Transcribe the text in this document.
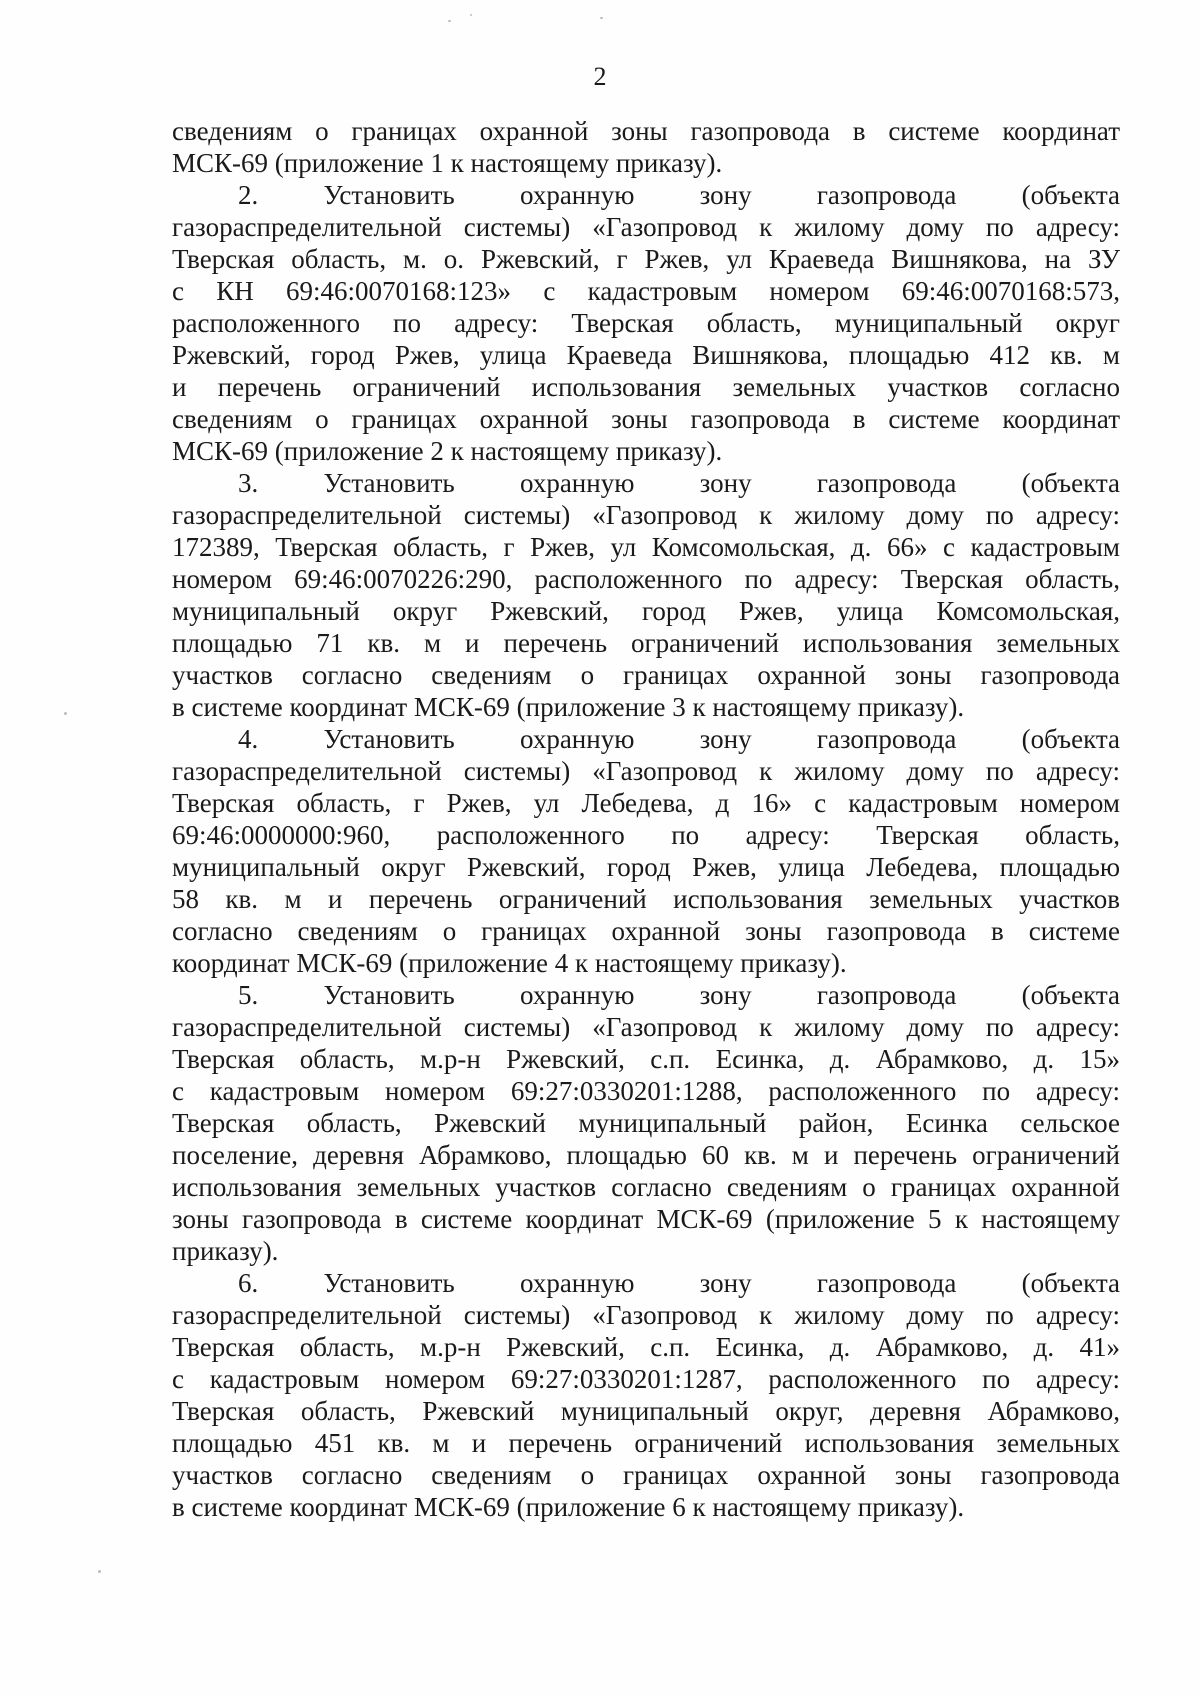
2
сведениям о границах охранной зоны газопровода в системе координат
МСК-69 (приложение 1 к настоящему приказу).
2. Установить охранную зону газопровода (объекта
газораспределительной системы) «Газопровод к жилому дому по адресу:
Тверская область, м. о. Ржевский, г Ржев, ул Краеведа Вишнякова, на ЗУ
с КН 69:46:0070168:123» с кадастровым номером 69:46:0070168:573,
расположенного по адресу: Тверская область, муниципальный округ
Ржевский, город Ржев, улица Краеведа Вишнякова, площадью 412 кв. м
и перечень ограничений использования земельных участков согласно
сведениям о границах охранной зоны газопровода в системе координат
МСК-69 (приложение 2 к настоящему приказу).
3. Установить охранную зону газопровода (объекта
газораспределительной системы) «Газопровод к жилому дому по адресу:
172389, Тверская область, г Ржев, ул Комсомольская, д. 66» с кадастровым
номером 69:46:0070226:290, расположенного по адресу: Тверская область,
муниципальный округ Ржевский, город Ржев, улица Комсомольская,
площадью 71 кв. м и перечень ограничений использования земельных
участков согласно сведениям о границах охранной зоны газопровода
в системе координат МСК-69 (приложение 3 к настоящему приказу).
4. Установить охранную зону газопровода (объекта
газораспределительной системы) «Газопровод к жилому дому по адресу:
Тверская область, г Ржев, ул Лебедева, д 16» с кадастровым номером
69:46:0000000:960, расположенного по адресу: Тверская область,
муниципальный округ Ржевский, город Ржев, улица Лебедева, площадью
58 кв. м и перечень ограничений использования земельных участков
согласно сведениям о границах охранной зоны газопровода в системе
координат МСК-69 (приложение 4 к настоящему приказу).
5. Установить охранную зону газопровода (объекта
газораспределительной системы) «Газопровод к жилому дому по адресу:
Тверская область, м.р-н Ржевский, с.п. Есинка, д. Абрамково, д. 15»
с кадастровым номером 69:27:0330201:1288, расположенного по адресу:
Тверская область, Ржевский муниципальный район, Есинка сельское
поселение, деревня Абрамково, площадью 60 кв. м и перечень ограничений
использования земельных участков согласно сведениям о границах охранной
зоны газопровода в системе координат МСК-69 (приложение 5 к настоящему
приказу).
6. Установить охранную зону газопровода (объекта
газораспределительной системы) «Газопровод к жилому дому по адресу:
Тверская область, м.р-н Ржевский, с.п. Есинка, д. Абрамково, д. 41»
с кадастровым номером 69:27:0330201:1287, расположенного по адресу:
Тверская область, Ржевский муниципальный округ, деревня Абрамково,
площадью 451 кв. м и перечень ограничений использования земельных
участков согласно сведениям о границах охранной зоны газопровода
в системе координат МСК-69 (приложение 6 к настоящему приказу).
